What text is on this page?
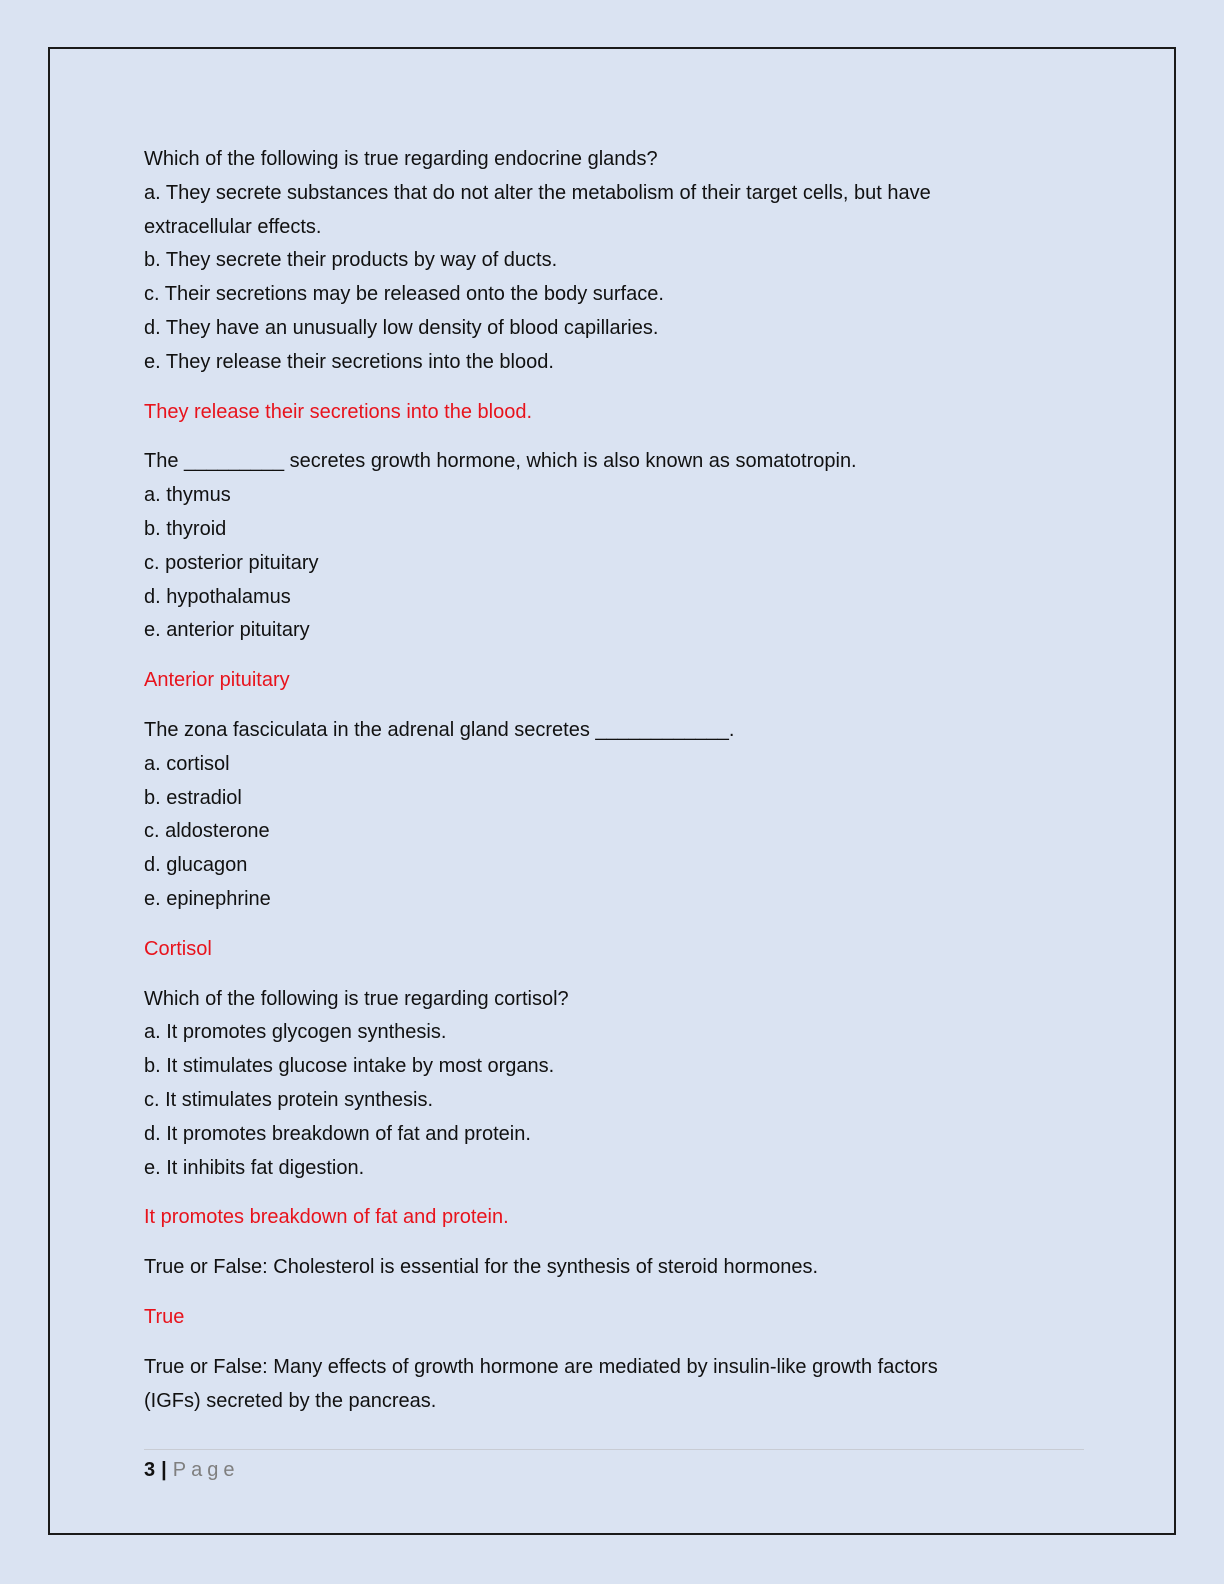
Which of the following is true regarding endocrine glands?
a. They secrete substances that do not alter the metabolism of their target cells, but have
extracellular effects.
b. They secrete their products by way of ducts.
c. Their secretions may be released onto the body surface.
d. They have an unusually low density of blood capillaries.
e. They release their secretions into the blood.
They release their secretions into the blood.
The _________ secretes growth hormone, which is also known as somatotropin.
a. thymus
b. thyroid
c. posterior pituitary
d. hypothalamus
e. anterior pituitary
Anterior pituitary
The zona fasciculata in the adrenal gland secretes ____________.
a. cortisol
b. estradiol
c. aldosterone
d. glucagon
e. epinephrine
Cortisol
Which of the following is true regarding cortisol?
a. It promotes glycogen synthesis.
b. It stimulates glucose intake by most organs.
c. It stimulates protein synthesis.
d. It promotes breakdown of fat and protein.
e. It inhibits fat digestion.
It promotes breakdown of fat and protein.
True or False: Cholesterol is essential for the synthesis of steroid hormones.
True
True or False: Many effects of growth hormone are mediated by insulin-like growth factors
(IGFs) secreted by the pancreas.
3 | Page
